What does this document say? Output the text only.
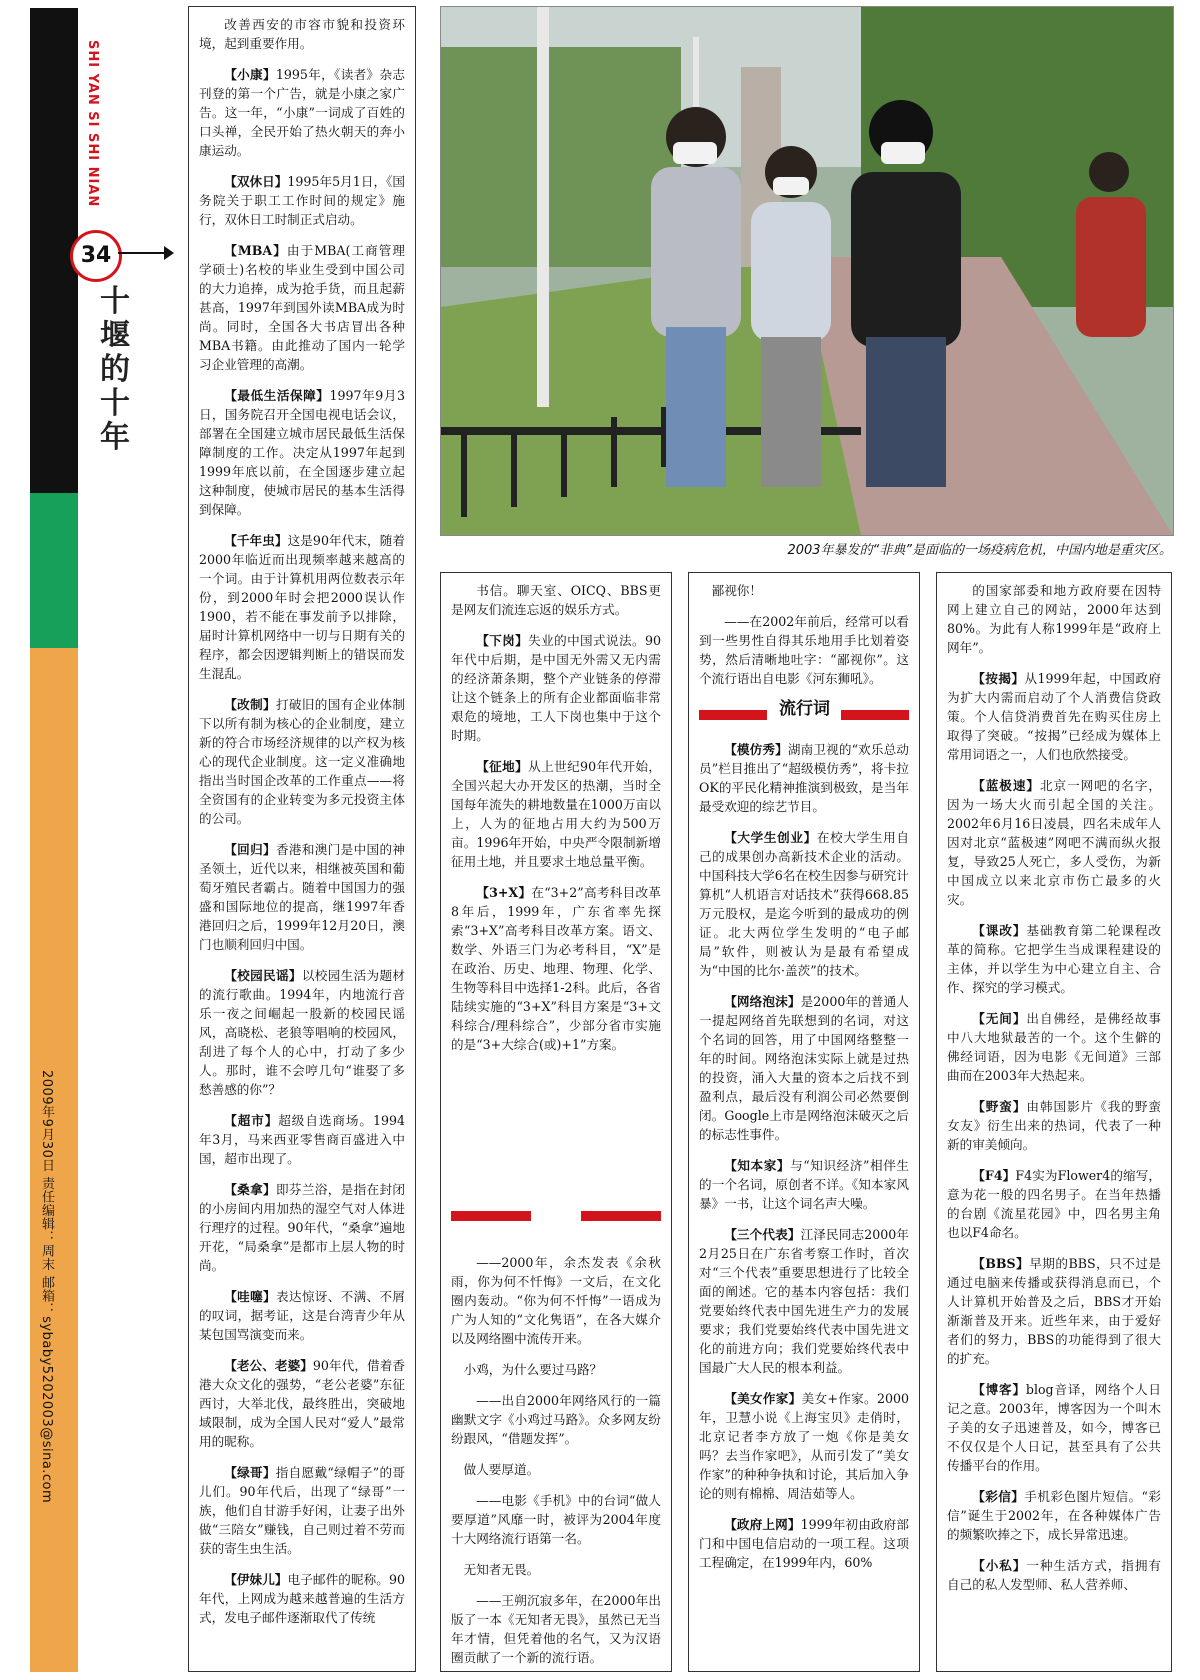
SHI YAN SI SHI NIAN
34
十堰的十年
2009年9月30日 责任编辑：周末 邮箱：sybaby5202003@sina.com
2003年暴发的“非典”是面临的一场疫病危机，中国内地是重灾区。

改善西安的市容市貌和投资环境，起到重要作用。

【小康】1995年，《读者》杂志刊登的第一个广告，就是小康之家广告。这一年，“小康”一词成了百姓的口头禅，全民开始了热火朝天的奔小康运动。

【双休日】1995年5月1日，《国务院关于职工工作时间的规定》施行，双休日工时制正式启动。

【MBA】由于MBA(工商管理学硕士)名校的毕业生受到中国公司的大力追捧，成为抢手货，而且起薪甚高，1997年到国外读MBA成为时尚。同时，全国各大书店冒出各种MBA书籍。由此推动了国内一轮学习企业管理的高潮。

【最低生活保障】1997年9月3日，国务院召开全国电视电话会议，部署在全国建立城市居民最低生活保障制度的工作。决定从1997年起到1999年底以前，在全国逐步建立起这种制度，使城市居民的基本生活得到保障。

【千年虫】这是90年代末，随着2000年临近而出现频率越来越高的一个词。由于计算机用两位数表示年份，到2000年时会把2000误认作1900，若不能在事发前予以排除，届时计算机网络中一切与日期有关的程序，都会因逻辑判断上的错误而发生混乱。

【改制】打破旧的国有企业体制下以所有制为核心的企业制度，建立新的符合市场经济规律的以产权为核心的现代企业制度。这一定义准确地指出当时国企改革的工作重点——将全资国有的企业转变为多元投资主体的公司。

【回归】香港和澳门是中国的神圣领土，近代以来，相继被英国和葡萄牙殖民者霸占。随着中国国力的强盛和国际地位的提高，继1997年香港回归之后，1999年12月20日，澳门也顺利回归中国。

【校园民谣】以校园生活为题材的流行歌曲。1994年，内地流行音乐一夜之间崛起一股新的校园民谣风，高晓松、老狼等唱响的校园风，刮进了每个人的心中，打动了多少人。那时，谁不会哼几句“谁娶了多愁善感的你”？

【超市】超级自选商场。1994年3月，马来西亚零售商百盛进入中国，超市出现了。

【桑拿】即芬兰浴，是指在封闭的小房间内用加热的湿空气对人体进行理疗的过程。90年代，“桑拿”遍地开花，“局桑拿”是都市上层人物的时尚。

【哇噻】表达惊讶、不满、不屑的叹词，据考证，这是台湾青少年从某包国骂演变而来。

【老公、老婆】90年代，借着香港大众文化的强势，“老公老婆”东征西讨，大举北伐，最终胜出，突破地域限制，成为全国人民对“爱人”最常用的昵称。

【绿哥】指自愿戴“绿帽子”的哥儿们。90年代后，出现了“绿哥”一族，他们自甘游手好闲，让妻子出外做“三陪女”赚钱，自己则过着不劳而获的寄生虫生活。

【伊妹儿】电子邮件的昵称。90年代，上网成为越来越普遍的生活方式，发电子邮件逐渐取代了传统

书信。聊天室、OICQ、BBS更是网友们流连忘返的娱乐方式。

【下岗】失业的中国式说法。90年代中后期，是中国无外需又无内需的经济萧条期，整个产业链条的停滞让这个链条上的所有企业都面临非常艰危的境地，工人下岗也集中于这个时期。

【征地】从上世纪90年代开始，全国兴起大办开发区的热潮，当时全国每年流失的耕地数量在1000万亩以上，人为的征地占用大约为500万亩。1996年开始，中央严令限制新增征用土地，并且要求土地总量平衡。

【3+X】在“3+2”高考科目改革8年后，1999年，广东省率先探索“3+X”高考科目改革方案。语文、数学、外语三门为必考科目，“X”是在政治、历史、地理、物理、化学、生物等科目中选择1-2科。此后，各省陆续实施的“3+X”科目方案是“3+文科综合/理科综合”，少部分省市实施的是“3+大综合(或)+1”方案。

——2000年，余杰发表《余秋雨，你为何不忏悔》一文后，在文化圈内轰动。“你为何不忏悔”一语成为广为人知的“文化隽语”，在各大媒介以及网络圈中流传开来。

小鸡，为什么要过马路？

——出自2000年网络风行的一篇幽默文字《小鸡过马路》。众多网友纷纷跟风，“借题发挥”。

做人要厚道。

——电影《手机》中的台词“做人要厚道”风靡一时，被评为2004年度十大网络流行语第一名。

无知者无畏。

——王朔沉寂多年，在2000年出版了一本《无知者无畏》，虽然已无当年才情，但凭着他的名气，又为汉语圈贡献了一个新的流行语。

鄙视你！

——在2002年前后，经常可以看到一些男性自得其乐地用手比划着姿势，然后清晰地吐字：“鄙视你”。这个流行语出自电影《河东狮吼》。

流行词

【模仿秀】湖南卫视的“欢乐总动员”栏目推出了“超级模仿秀”，将卡拉OK的平民化精神推演到极致，是当年最受欢迎的综艺节目。

【大学生创业】在校大学生用自己的成果创办高新技术企业的活动。中国科技大学6名在校生因参与研究计算机“人机语言对话技术”获得668.85万元股权，是迄今听到的最成功的例证。北大两位学生发明的“电子邮局”软件，则被认为是最有希望成为“中国的比尔·盖茨”的技术。

【网络泡沫】是2000年的普通人一提起网络首先联想到的名词，对这个名词的回答，用了中国网络整整一年的时间。网络泡沫实际上就是过热的投资，涌入大量的资本之后找不到盈利点，最后没有利润公司必然要倒闭。Google上市是网络泡沫破灭之后的标志性事件。

【知本家】与“知识经济”相伴生的一个名词，原创者不详。《知本家风暴》一书，让这个词名声大噪。

【三个代表】江泽民同志2000年2月25日在广东省考察工作时，首次对“三个代表”重要思想进行了比较全面的阐述。它的基本内容包括：我们党要始终代表中国先进生产力的发展要求；我们党要始终代表中国先进文化的前进方向；我们党要始终代表中国最广大人民的根本利益。

【美女作家】美女+作家。2000年，卫慧小说《上海宝贝》走俏时，北京记者李方放了一炮《你是美女吗？去当作家吧》，从而引发了“美女作家”的种种争执和讨论，其后加入争论的则有棉棉、周洁茹等人。

【政府上网】1999年初由政府部门和中国电信启动的一项工程。这项工程确定，在1999年内，60%

的国家部委和地方政府要在因特网上建立自己的网站，2000年达到80%。为此有人称1999年是“政府上网年”。

【按揭】从1999年起，中国政府为扩大内需而启动了个人消费信贷政策。个人信贷消费首先在购买住房上取得了突破。“按揭”已经成为媒体上常用词语之一，人们也欣然接受。

【蓝极速】北京一网吧的名字，因为一场大火而引起全国的关注。2002年6月16日凌晨，四名未成年人因对北京“蓝极速”网吧不满而纵火报复，导致25人死亡，多人受伤，为新中国成立以来北京市伤亡最多的火灾。

【课改】基础教育第二轮课程改革的简称。它把学生当成课程建设的主体，并以学生为中心建立自主、合作、探究的学习模式。

【无间】出自佛经，是佛经故事中八大地狱最苦的一个。这个生僻的佛经词语，因为电影《无间道》三部曲而在2003年大热起来。

【野蛮】由韩国影片《我的野蛮女友》衍生出来的热词，代表了一种新的审美倾向。

【F4】F4实为Flower4的缩写，意为花一般的四名男子。在当年热播的台剧《流星花园》中，四名男主角也以F4命名。

【BBS】早期的BBS，只不过是通过电脑来传播或获得消息而已，个人计算机开始普及之后，BBS才开始渐渐普及开来。近些年来，由于爱好者们的努力，BBS的功能得到了很大的扩充。

【博客】blog音译，网络个人日记之意。2003年，博客因为一个叫木子美的女子迅速普及，如今，博客已不仅仅是个人日记，甚至具有了公共传播平台的作用。

【彩信】手机彩色图片短信。“彩信”诞生于2002年，在各种媒体广告的频繁吹捧之下，成长异常迅速。

【小私】一种生活方式，指拥有自己的私人发型师、私人营养师、
